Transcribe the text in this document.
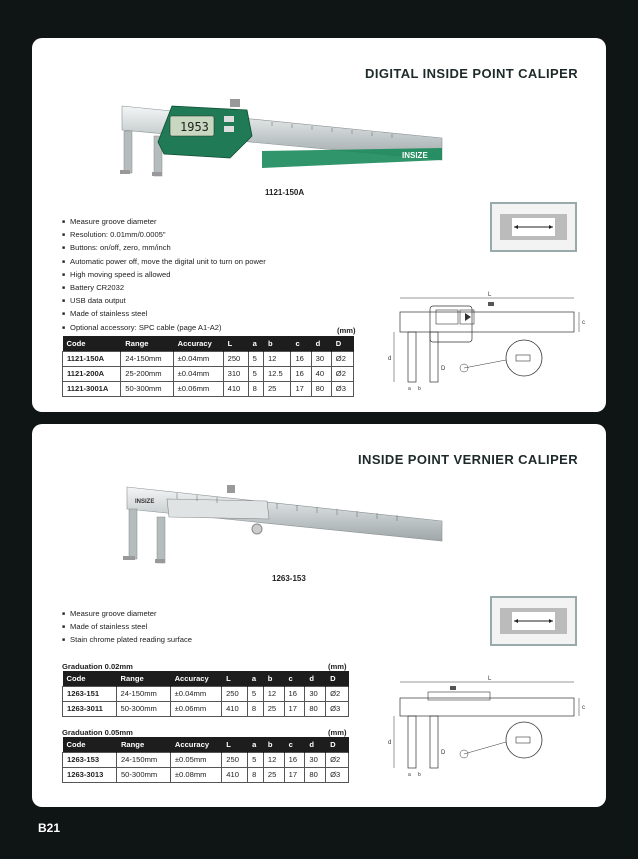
DIGITAL INSIDE POINT CALIPER
1953
INSIZE
1121-150A
■ Measure groove diameter
■ Resolution: 0.01mm/0.0005"
■ Buttons: on/off, zero, mm/inch
■ Automatic power off, move the digital unit to turn on power
■ High moving speed is allowed
■ Battery CR2032
■ USB data output
■ Made of stainless steel
■ Optional accessory: SPC cable (page A1-A2)	(mm)
Code	Range	Accuracy	L	a	b	c	d	D
1121-150A	24-150mm	±0.04mm	250	5	12	16	30	Ø2
1121-200A	25-200mm	±0.04mm	310	5	12.5	16	40	Ø2
1121-3001A	50-300mm	±0.06mm	410	8	25	17	80	Ø3
L
c
d
D
a b
INSIDE POINT VERNIER CALIPER
INSIZE
1263-153
■ Measure groove diameter
■ Made of stainless steel
■ Stain chrome plated reading surface
Graduation 0.02mm	(mm)
Code	Range	Accuracy	L	a	b	c	d	D
1263-151	24-150mm	±0.04mm	250	5	12	16	30	Ø2
1263-3011	50-300mm	±0.06mm	410	8	25	17	80	Ø3
Graduation 0.05mm	(mm)
Code	Range	Accuracy	L	a	b	c	d	D
1263-153	24-150mm	±0.05mm	250	5	12	16	30	Ø2
1263-3013	50-300mm	±0.08mm	410	8	25	17	80	Ø3
L
c
d
D
a b
B21
